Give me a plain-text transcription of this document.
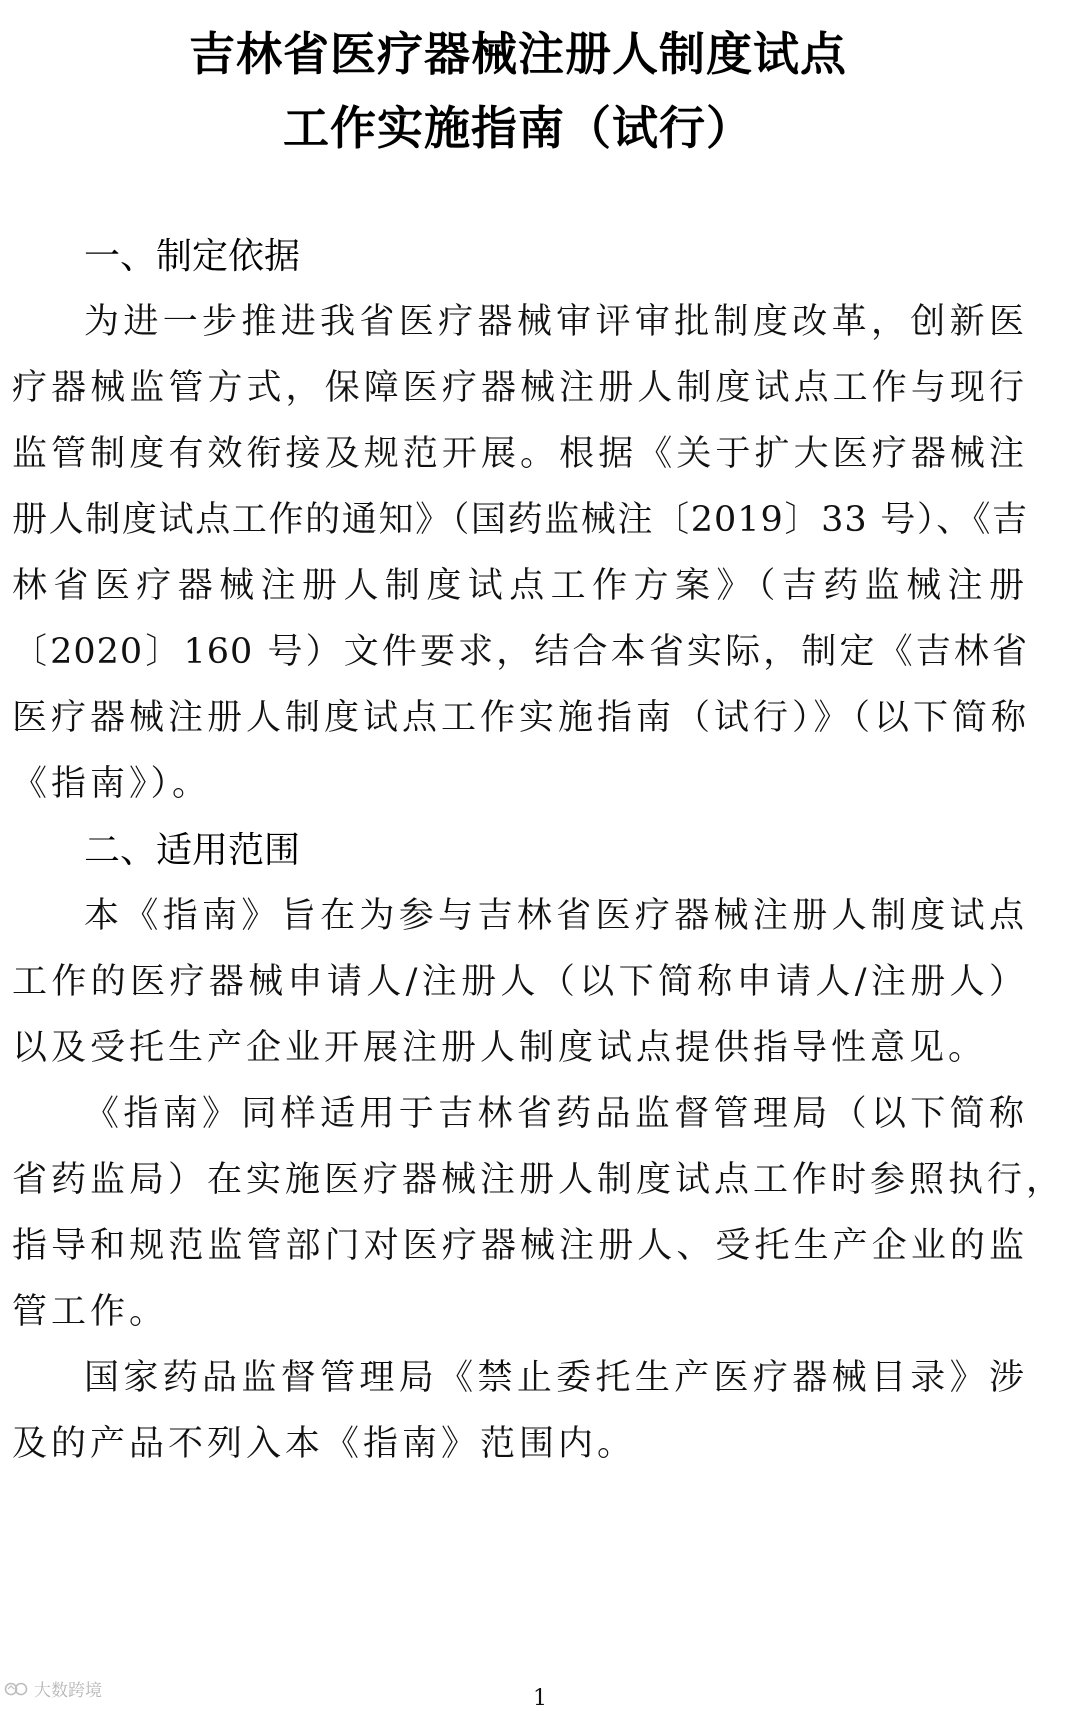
吉林省医疗器械注册人制度试点
工作实施指南（试行）
一、制定依据
为进一步推进我省医疗器械审评审批制度改革，创新医
疗器械监管方式，保障医疗器械注册人制度试点工作与现行
监管制度有效衔接及规范开展。根据《关于扩大医疗器械注
册人制度试点工作的通知》（国药监械注〔2019〕33 号）、《吉
林省医疗器械注册人制度试点工作方案》（吉药监械注册
〔2020〕160 号）文件要求，结合本省实际，制定《吉林省
医疗器械注册人制度试点工作实施指南（试行）》（以下简称
《指南》）。
二、适用范围
本《指南》旨在为参与吉林省医疗器械注册人制度试点
工作的医疗器械申请人/注册人（以下简称申请人/注册人）
以及受托生产企业开展注册人制度试点提供指导性意见。
《指南》同样适用于吉林省药品监督管理局（以下简称
省药监局）在实施医疗器械注册人制度试点工作时参照执行，
指导和规范监管部门对医疗器械注册人、受托生产企业的监
管工作。
国家药品监督管理局《禁止委托生产医疗器械目录》涉
及的产品不列入本《指南》范围内。
大数跨境	1
